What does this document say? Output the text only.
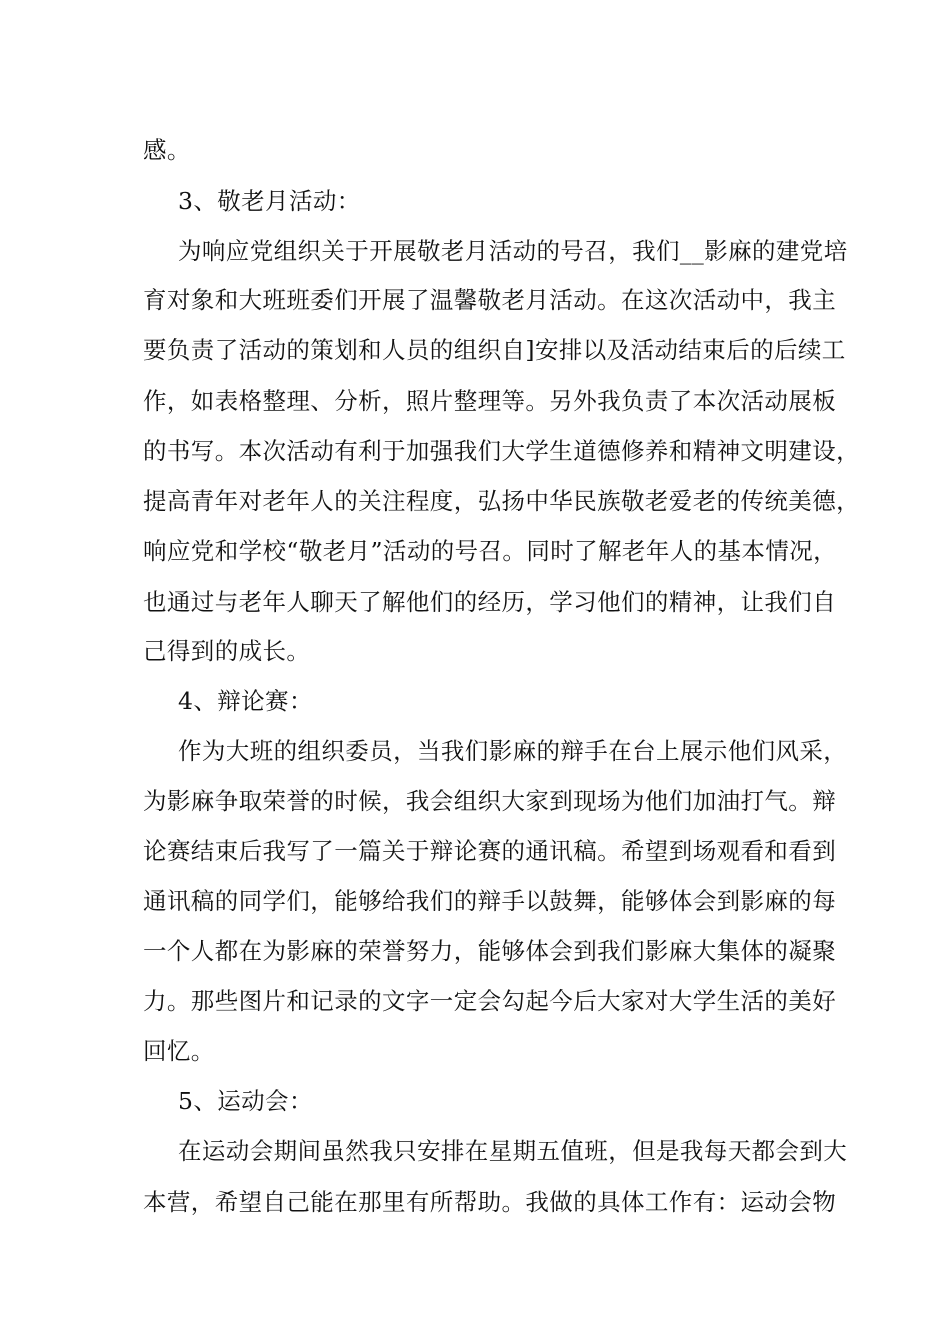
感。
3、敬老月活动：
为响应党组织关于开展敬老月活动的号召，我们__影麻的建党培
育对象和大班班委们开展了温馨敬老月活动。在这次活动中，我主
要负责了活动的策划和人员的组织自]安排以及活动结束后的后续工
作，如表格整理、分析，照片整理等。另外我负责了本次活动展板
的书写。本次活动有利于加强我们大学生道德修养和精神文明建设，
提高青年对老年人的关注程度，弘扬中华民族敬老爱老的传统美德，
响应党和学校“敬老月”活动的号召。同时了解老年人的基本情况，
也通过与老年人聊天了解他们的经历，学习他们的精神，让我们自
己得到的成长。
4、辩论赛：
作为大班的组织委员，当我们影麻的辩手在台上展示他们风采，
为影麻争取荣誉的时候，我会组织大家到现场为他们加油打气。辩
论赛结束后我写了一篇关于辩论赛的通讯稿。希望到场观看和看到
通讯稿的同学们，能够给我们的辩手以鼓舞，能够体会到影麻的每
一个人都在为影麻的荣誉努力，能够体会到我们影麻大集体的凝聚
力。那些图片和记录的文字一定会勾起今后大家对大学生活的美好
回忆。
5、运动会：
在运动会期间虽然我只安排在星期五值班，但是我每天都会到大
本营，希望自己能在那里有所帮助。我做的具体工作有：运动会物
